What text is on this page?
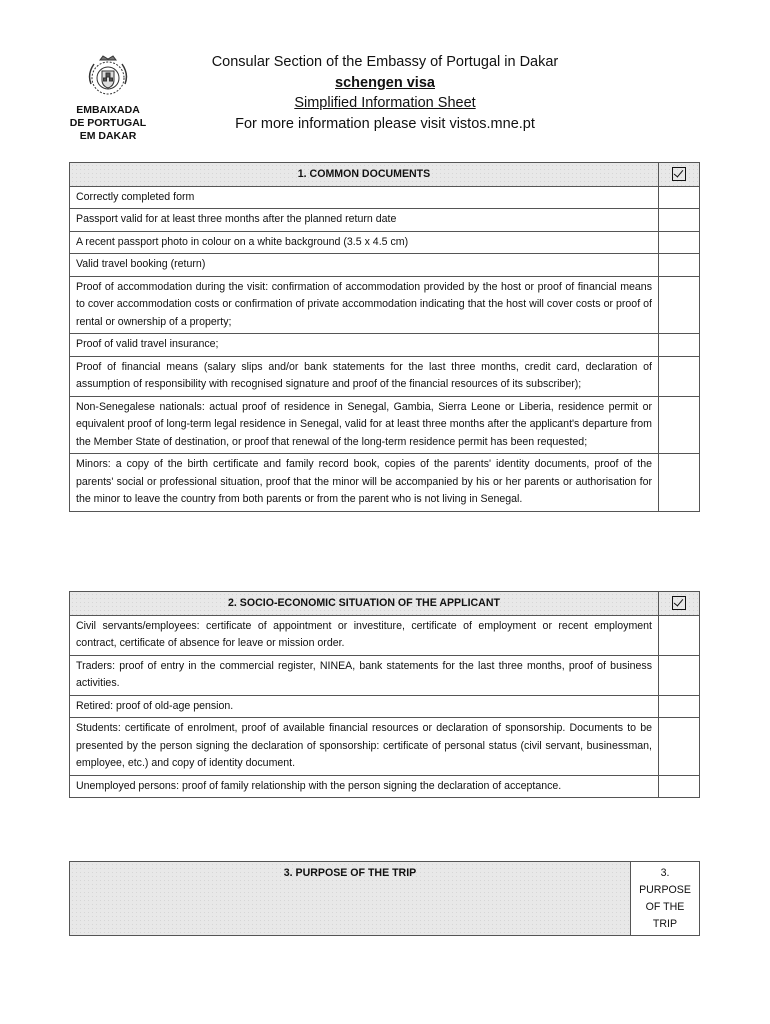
EMBAIXADA
DE PORTUGAL
EM DAKAR
Consular Section of the Embassy of Portugal in Dakar
schengen visa
Simplified Information Sheet
For more information please visit vistos.mne.pt
1. COMMON DOCUMENTS	
Correctly completed form	
Passport valid for at least three months after the planned return date	
A recent passport photo in colour on a white background (3.5 x 4.5 cm)	
Valid travel booking (return)	
Proof of accommodation during the visit: confirmation of accommodation provided by the host or proof of financial means to cover accommodation costs or confirmation of private accommodation indicating that the host will cover costs or proof of rental or ownership of a property;	
Proof of valid travel insurance;	
Proof of financial means (salary slips and/or bank statements for the last three months, credit card, declaration of assumption of responsibility with recognised signature and proof of the financial resources of its subscriber);	
Non-Senegalese nationals: actual proof of residence in Senegal, Gambia, Sierra Leone or Liberia, residence permit or equivalent proof of long-term legal residence in Senegal, valid for at least three months after the applicant's departure from the Member State of destination, or proof that renewal of the long-term residence permit has been requested;	
Minors: a copy of the birth certificate and family record book, copies of the parents' identity documents, proof of the parents' social or professional situation, proof that the minor will be accompanied by his or her parents or authorisation for the minor to leave the country from both parents or from the parent who is not living in Senegal.	
2. SOCIO-ECONOMIC SITUATION OF THE APPLICANT	
Civil servants/employees: certificate of appointment or investiture, certificate of employment or recent employment contract, certificate of absence for leave or mission order.	
Traders: proof of entry in the commercial register, NINEA, bank statements for the last three months, proof of business activities.	
Retired: proof of old-age pension.	
Students: certificate of enrolment, proof of available financial resources or declaration of sponsorship. Documents to be presented by the person signing the declaration of sponsorship: certificate of personal status (civil servant, businessman, employee, etc.) and copy of identity document.	
Unemployed persons: proof of family relationship with the person signing the declaration of acceptance.	
3. PURPOSE OF THE TRIP	3. PURPOSE OF THE TRIP
